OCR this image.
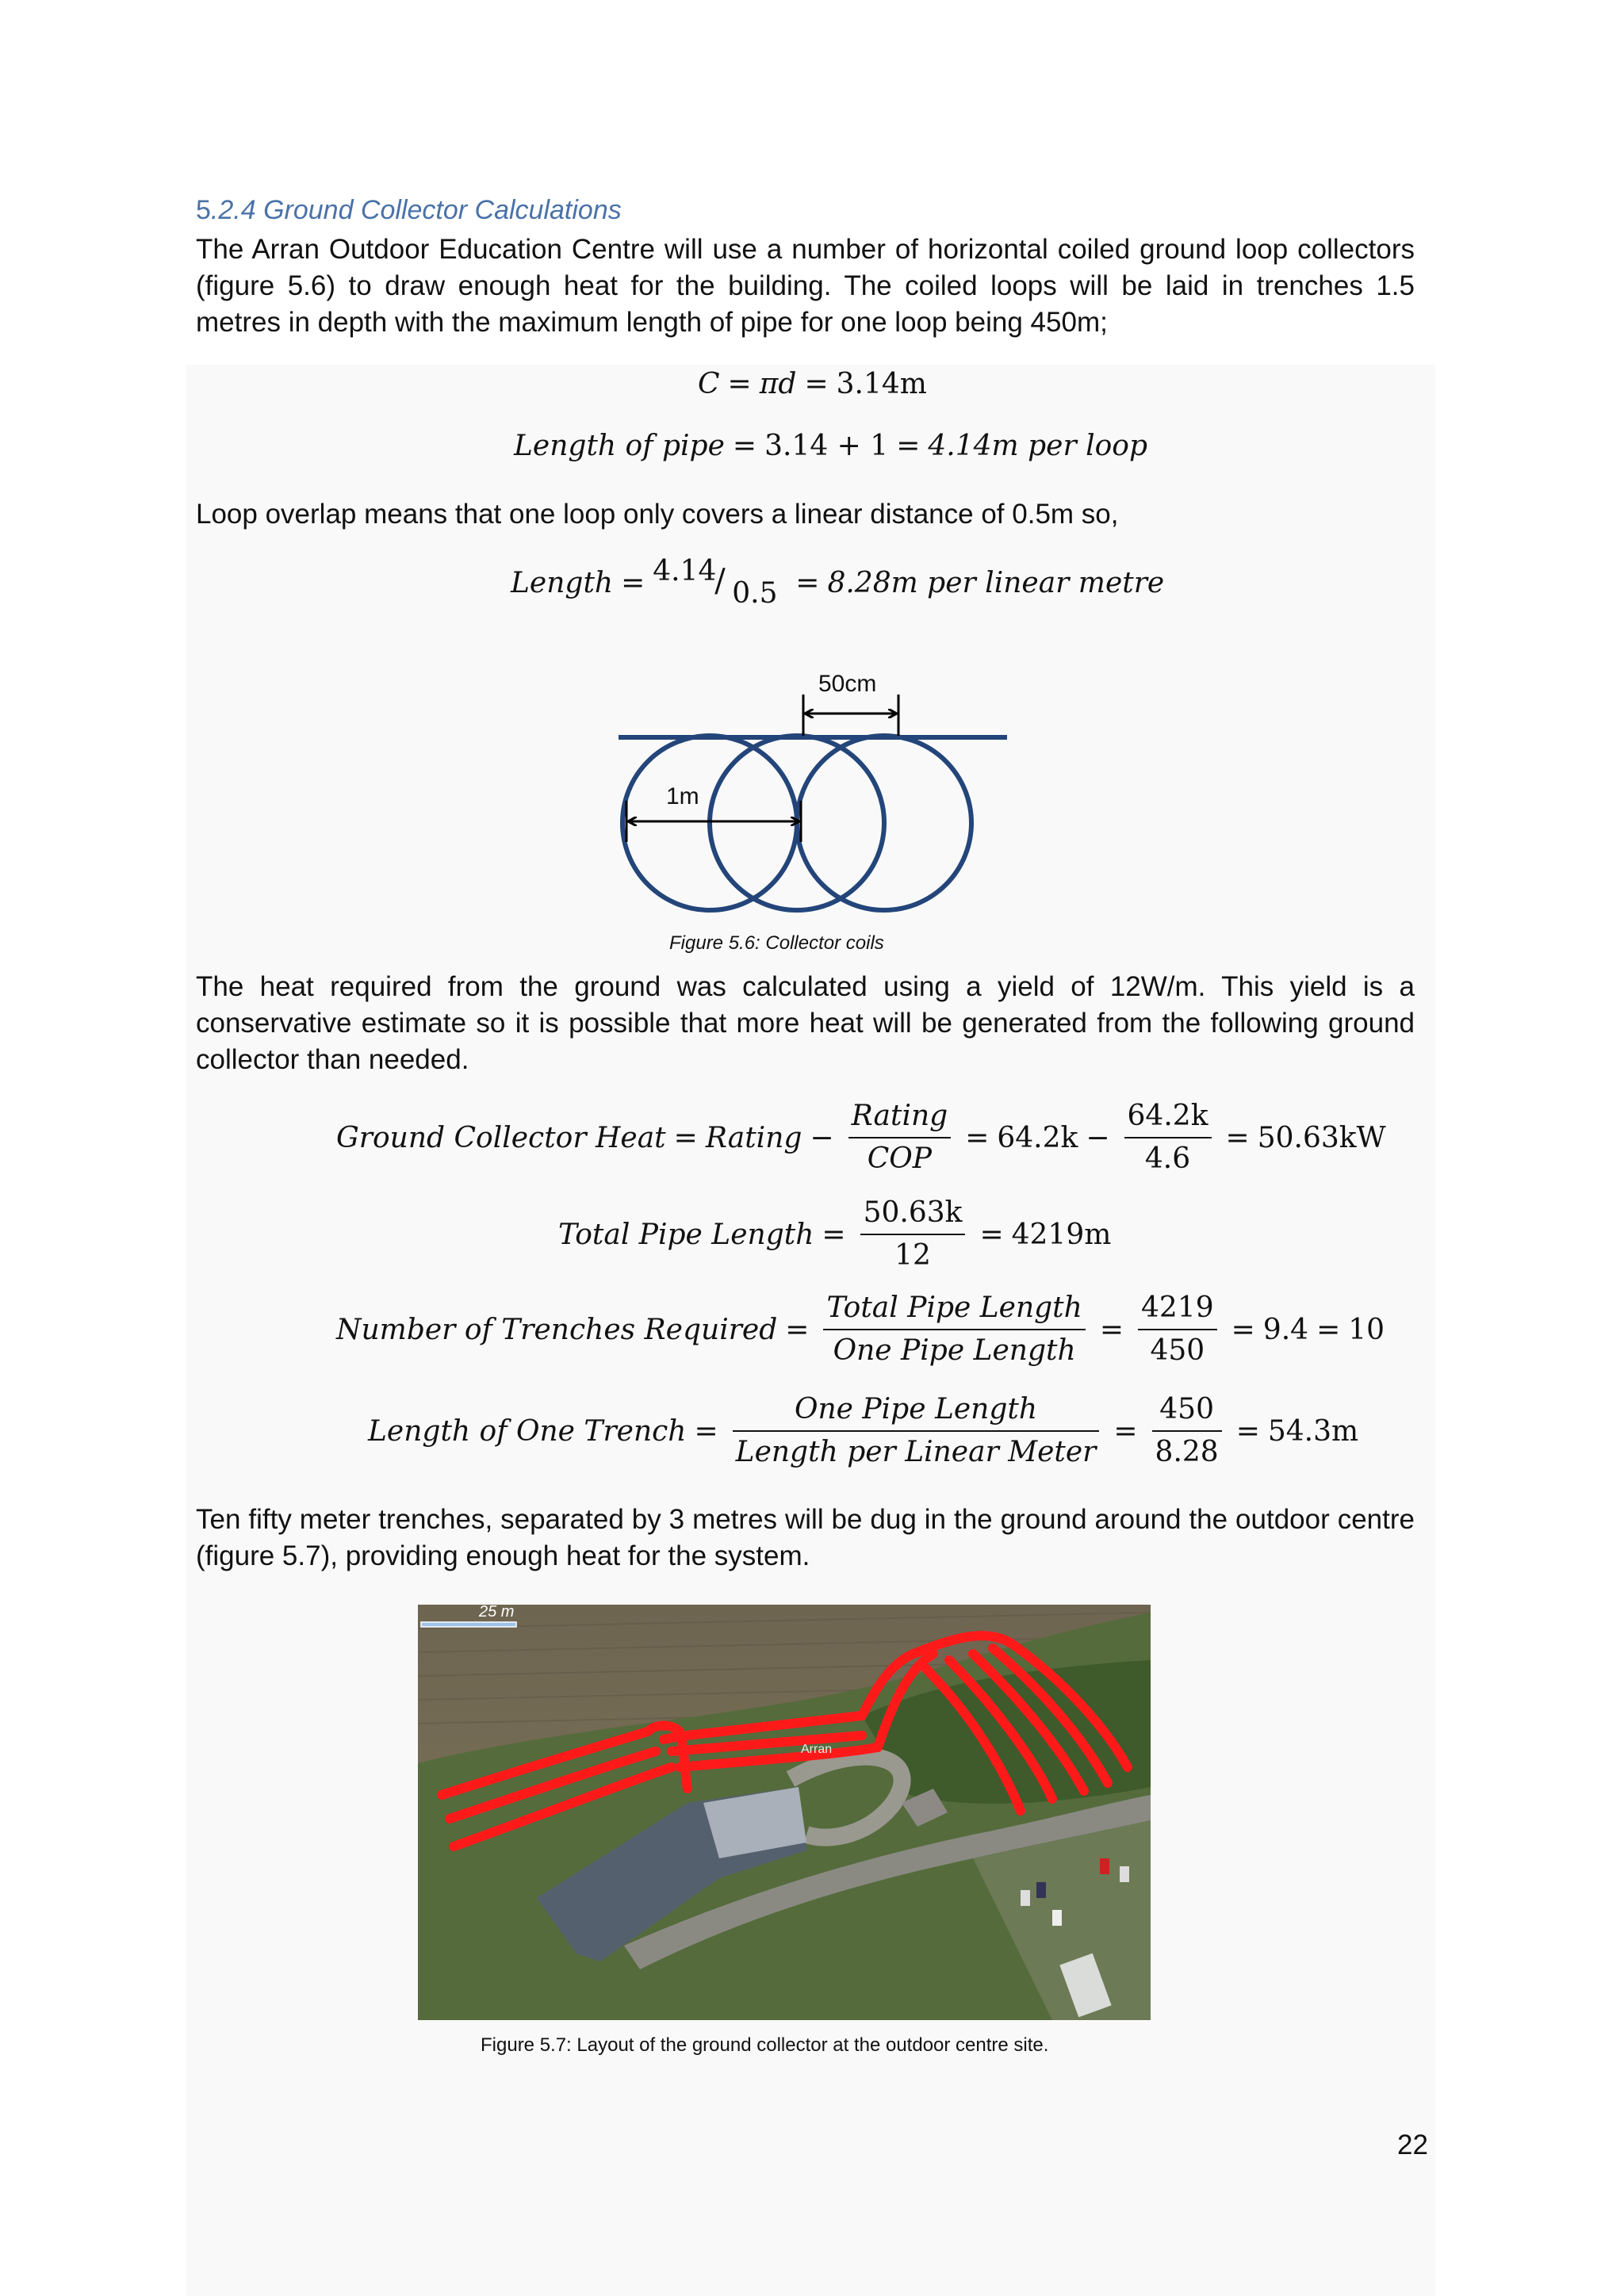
5.2.4 Ground Collector Calculations
The Arran Outdoor Education Centre will use a number of horizontal coiled ground loop collectors (figure 5.6) to draw enough heat for the building. The coiled loops will be laid in trenches 1.5 metres in depth with the maximum length of pipe for one loop being 450m;
C = πd = 3.14m
Length of pipe = 3.14 + 1 = 4.14m per loop
Loop overlap means that one loop only covers a linear distance of 0.5m so,
Length = 4.14
/ 0.5 = 8.28m per linear metre
50cm
1m
Figure 5.6: Collector coils
The heat required from the ground was calculated using a yield of 12W/m. This yield is a conservative estimate so it is possible that more heat will be generated from the following ground collector than needed.
Ground Collector Heat = Rating − $\frac{\text{Rating}}{\text{COP}} = 64.2k - \frac{64.2k}{4.6} = 50.63kW$
Total Pipe Length = $\frac{50.63k}{12} = 4219m$
Number of Trenches Required = $\frac{\text{Total Pipe Length}}{\text{One Pipe Length}} = \frac{4219}{450} = 9.4 = 10$
Length of One Trench = $\frac{\text{One Pipe Length}}{\text{Length per Linear Meter}} = \frac{450}{8.28} = 54.3m$
Ten fifty meter trenches, separated by 3 metres will be dug in the ground around the outdoor centre (figure 5.7), providing enough heat for the system.
25 m
Arran
Figure 5.7: Layout of the ground collector at the outdoor centre site.
22
